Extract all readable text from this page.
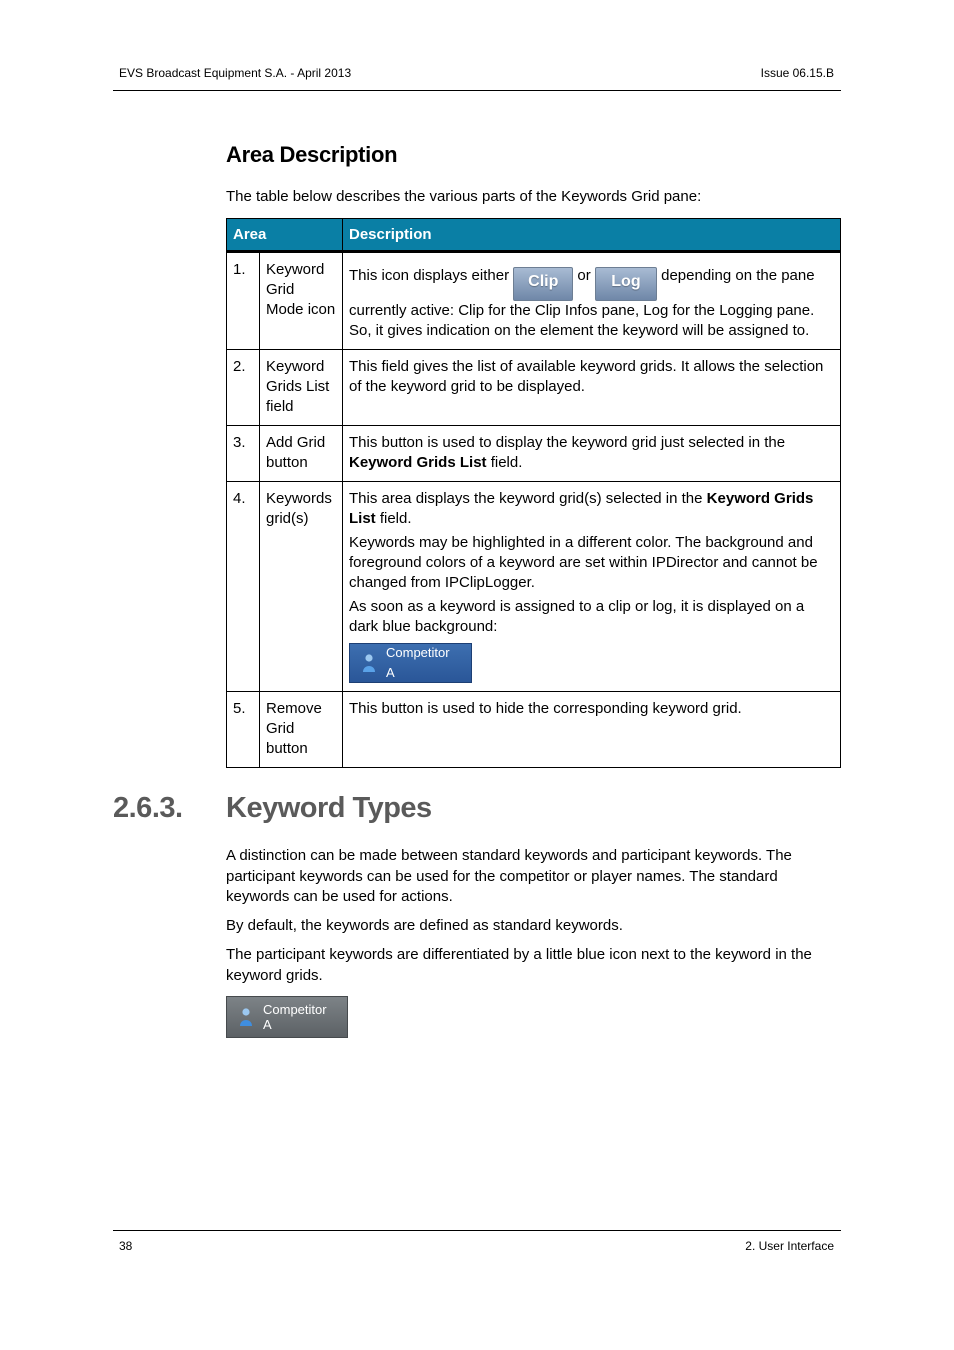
EVS Broadcast Equipment S.A. - April 2013	Issue 06.15.B
Area Description

The table below describes the various parts of the Keywords Grid pane:

Area		Description
1.	Keyword Grid Mode icon	This icon displays either Clip or Log depending on the pane currently active: Clip for the Clip Infos pane, Log for the Logging pane. So, it gives indication on the element the keyword will be assigned to.

2.	Keyword Grids List field	This field gives the list of available keyword grids. It allows the selection of the keyword grid to be displayed.
3.	Add Grid button	This button is used to display the keyword grid just selected in the Keyword Grids List field.
4.	Keywords grid(s)	This area displays the keyword grid(s) selected in the Keyword Grids List field.

Keywords may be highlighted in a different color. The background and foreground colors of a keyword are set within IPDirector and cannot be changed from IPClipLogger.

As soon as a keyword is assigned to a clip or log, it is displayed on a dark blue background:

Competitor A

5.	Remove Grid button	This button is used to hide the corresponding keyword grid.
2.6.3. Keyword Types

A distinction can be made between standard keywords and participant keywords. The participant keywords can be used for the competitor or player names. The standard keywords can be used for actions.

By default, the keywords are defined as standard keywords.

The participant keywords are differentiated by a little blue icon next to the keyword in the keyword grids.

Competitor A
38	2. User Interface
